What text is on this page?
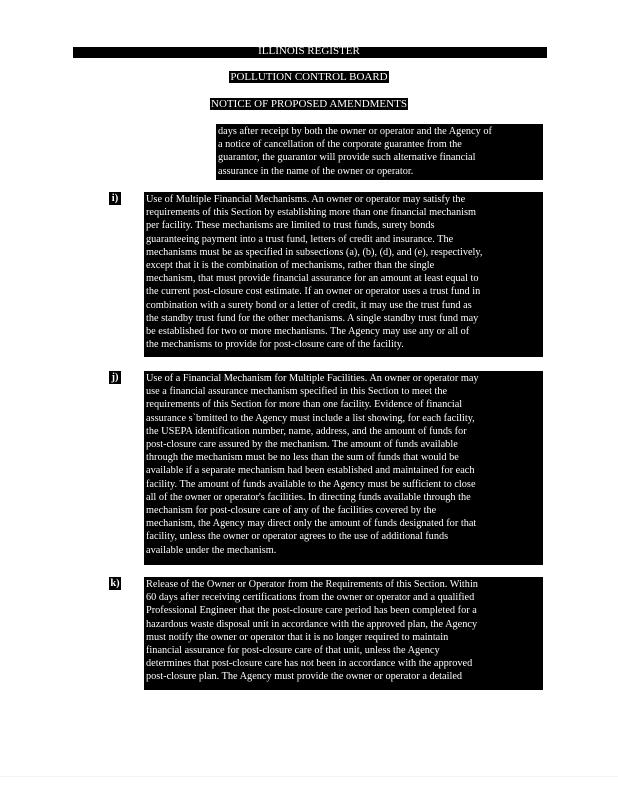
ILLINOIS REGISTER
POLLUTION CONTROL BOARD
NOTICE OF PROPOSED AMENDMENTS
days after receipt by both the owner or operator and the Agency of
a notice of cancellation of the corporate guarantee from the
guarantor, the guarantor will provide such alternative financial
assurance in the name of the owner or operator.
i)	Use of Multiple Financial Mechanisms. An owner or operator may satisfy the
requirements of this Section by establishing more than one financial mechanism
per facility. These mechanisms are limited to trust funds, surety bonds
guaranteeing payment into a trust fund, letters of credit and insurance. The
mechanisms must be as specified in subsections (a), (b), (d), and (e), respectively,
except that it is the combination of mechanisms, rather than the single
mechanism, that must provide financial assurance for an amount at least equal to
the current post-closure cost estimate. If an owner or operator uses a trust fund in
combination with a surety bond or a letter of credit, it may use the trust fund as
the standby trust fund for the other mechanisms. A single standby trust fund may
be established for two or more mechanisms. The Agency may use any or all of
the mechanisms to provide for post-closure care of the facility.
j)	Use of a Financial Mechanism for Multiple Facilities. An owner or operator may
use a financial assurance mechanism specified in this Section to meet the
requirements of this Section for more than one facility. Evidence of financial
assurance s`bmitted to the Agency must include a list showing, for each facility,
the USEPA identification number, name, address, and the amount of funds for
post-closure care assured by the mechanism. The amount of funds available
through the mechanism must be no less than the sum of funds that would be
available if a separate mechanism had been established and maintained for each
facility. The amount of funds available to the Agency must be sufficient to close
all of the owner or operator's facilities. In directing funds available through the
mechanism for post-closure care of any of the facilities covered by the
mechanism, the Agency may direct only the amount of funds designated for that
facility, unless the owner or operator agrees to the use of additional funds
available under the mechanism.
k)	Release of the Owner or Operator from the Requirements of this Section. Within
60 days after receiving certifications from the owner or operator and a qualified
Professional Engineer that the post-closure care period has been completed for a
hazardous waste disposal unit in accordance with the approved plan, the Agency
must notify the owner or operator that it is no longer required to maintain
financial assurance for post-closure care of that unit, unless the Agency
determines that post-closure care has not been in accordance with the approved
post-closure plan. The Agency must provide the owner or operator a detailed
